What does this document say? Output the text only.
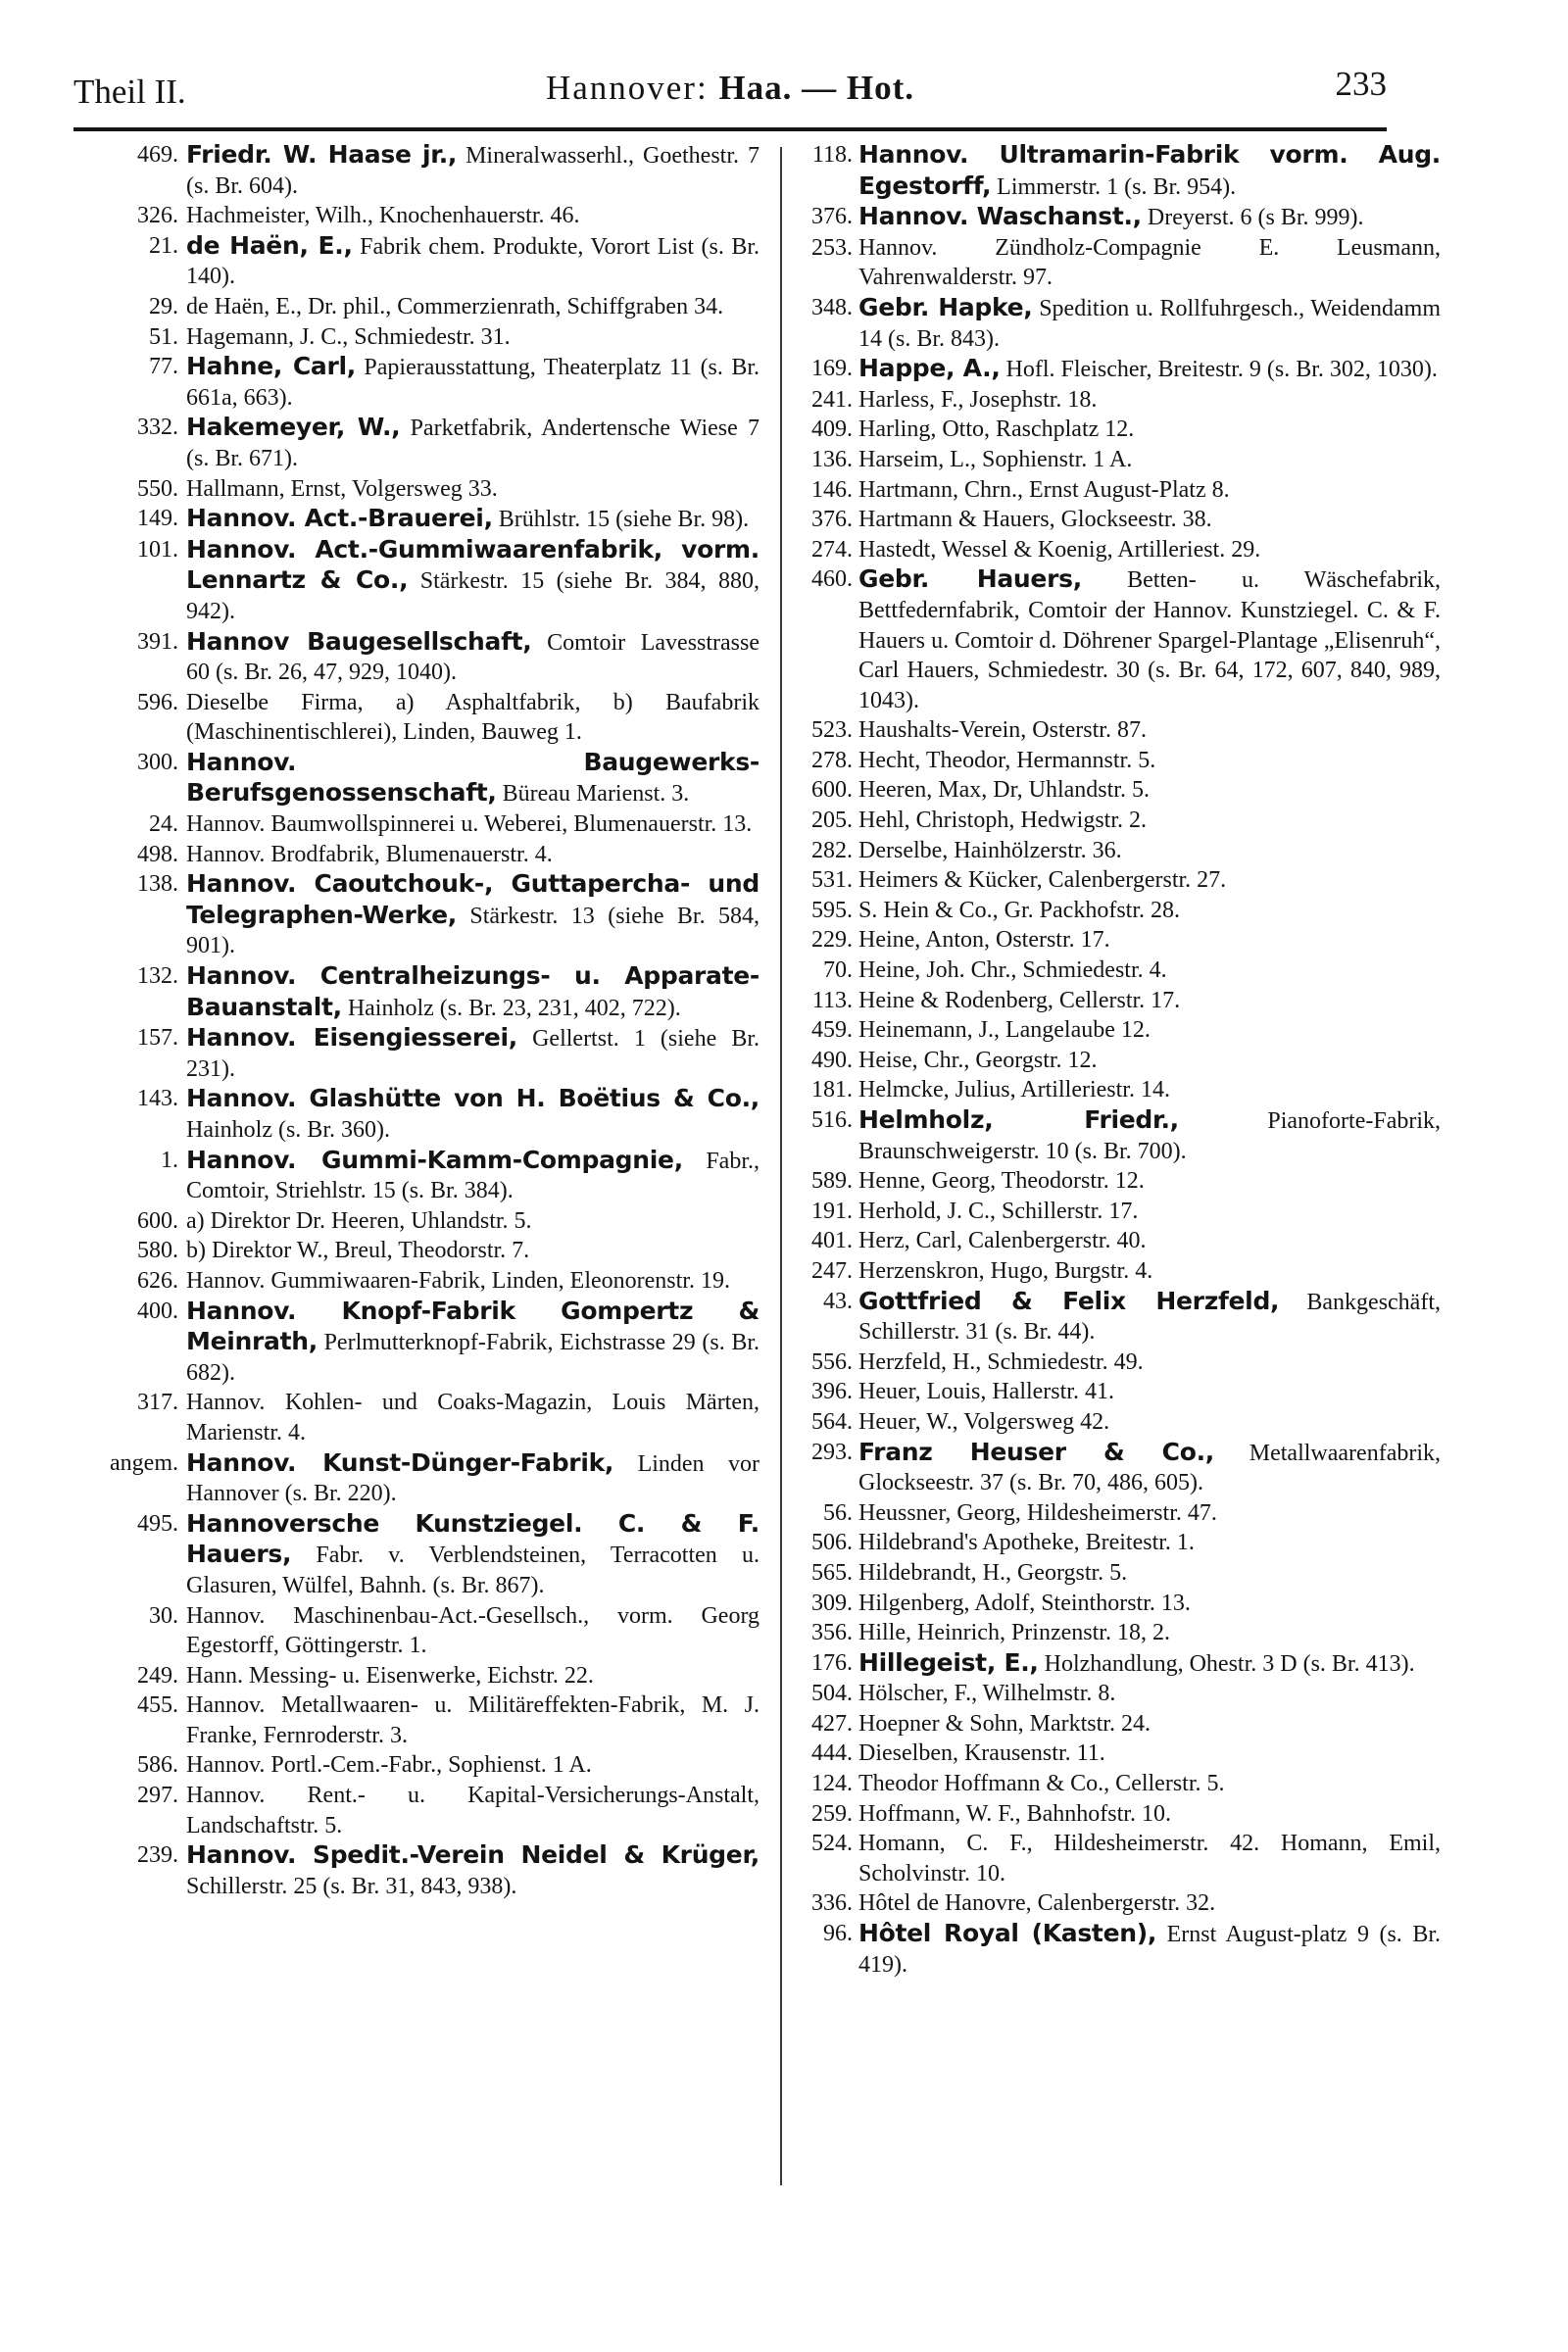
Theil II.	Hannover: Haa. — Hot.	233
469. Friedr. W. Haase jr., Mineralwasserhl., Goethestr. 7 (s. Br. 604).
326. Hachmeister, Wilh., Knochenhauerstr. 46.
21. de Haën, E., Fabrik chem. Produkte, Vorort List (s. Br. 140).
29. de Haën, E., Dr. phil., Commerzienrath, Schiffgraben 34.
51. Hagemann, J. C., Schmiedestr. 31.
77. Hahne, Carl, Papierausstattung, Theaterplatz 11 (s. Br. 661a, 663).
332. Hakemeyer, W., Parketfabrik, Andertensche Wiese 7 (s. Br. 671).
550. Hallmann, Ernst, Volgersweg 33.
149. Hannov. Act.-Brauerei, Brühlstr. 15 (siehe Br. 98).
101. Hannov. Act.-Gummiwaarenfabrik, vorm. Lennartz & Co., Stärkestr. 15 (siehe Br. 384, 880, 942).
391. Hannov Baugesellschaft, Comtoir Lavesstrasse 60 (s. Br. 26, 47, 929, 1040).
596. Dieselbe Firma, a) Asphaltfabrik, b) Baufabrik (Maschinentischlerei), Linden, Bauweg 1.
300. Hannov. Baugewerks-Berufsgenossenschaft, Büreau Marienst. 3.
24. Hannov. Baumwollspinnerei u. Weberei, Blumenauerstr. 13.
498. Hannov. Brodfabrik, Blumenauerstr. 4.
138. Hannov. Caoutchouk-, Guttapercha- und Telegraphen-Werke, Stärkestr. 13 (siehe Br. 584, 901).
132. Hannov. Centralheizungs- u. Apparate-Bauanstalt, Hainholz (s. Br. 23, 231, 402, 722).
157. Hannov. Eisengiesserei, Gellertst. 1 (siehe Br. 231).
143. Hannov. Glashütte von H. Boëtius & Co., Hainholz (s. Br. 360).
1. Hannov. Gummi-Kamm-Compagnie, Fabr., Comtoir, Striehlstr. 15 (s. Br. 384).
600. a) Direktor Dr. Heeren, Uhlandstr. 5.
580. b) Direktor W., Breul, Theodorstr. 7.
626. Hannov. Gummiwaaren-Fabrik, Linden, Eleonorenstr. 19.
400. Hannov. Knopf-Fabrik Gompertz & Meinrath, Perlmutterknopf-Fabrik, Eichstrasse 29 (s. Br. 682).
317. Hannov. Kohlen- und Coaks-Magazin, Louis Märten, Marienstr. 4.
angem. Hannov. Kunst-Dünger-Fabrik, Linden vor Hannover (s. Br. 220).
495. Hannoversche Kunstziegel. C. & F. Hauers, Fabr. v. Verblendsteinen, Terracotten u. Glasuren, Wülfel, Bahnh. (s. Br. 867).
30. Hannov. Maschinenbau-Act.-Gesellsch., vorm. Georg Egestorff, Göttingerstr. 1.
249. Hann. Messing- u. Eisenwerke, Eichstr. 22.
455. Hannov. Metallwaaren- u. Militäreffekten-Fabrik, M. J. Franke, Fernroderstr. 3.
586. Hannov. Portl.-Cem.-Fabr., Sophienst. 1 A.
297. Hannov. Rent.- u. Kapital-Versicherungs-Anstalt, Landschaftstr. 5.
239. Hannov. Spedit.-Verein Neidel & Krüger, Schillerstr. 25 (s. Br. 31, 843, 938).
118. Hannov. Ultramarin-Fabrik vorm. Aug. Egestorff, Limmerstr. 1 (s. Br. 954).
376. Hannov. Waschanst., Dreyerst. 6 (s Br. 999).
253. Hannov. Zündholz-Compagnie E. Leusmann, Vahrenwalderstr. 97.
348. Gebr. Hapke, Spedition u. Rollfuhrgesch., Weidendamm 14 (s. Br. 843).
169. Happe, A., Hofl. Fleischer, Breitestr. 9 (s. Br. 302, 1030).
241. Harless, F., Josephstr. 18.
409. Harling, Otto, Raschplatz 12.
136. Harseim, L., Sophienstr. 1 A.
146. Hartmann, Chrn., Ernst August-Platz 8.
376. Hartmann & Hauers, Glockseestr. 38.
274. Hastedt, Wessel & Koenig, Artilleriest. 29.
460. Gebr. Hauers, Betten- u. Wäschefabrik, Bettfedernfabrik, Comtoir der Hannov. Kunstziegel. C. & F. Hauers u. Comtoir d. Döhrener Spargel-Plantage „Elisenruh“, Carl Hauers, Schmiedestr. 30 (s. Br. 64, 172, 607, 840, 989, 1043).
523. Haushalts-Verein, Osterstr. 87.
278. Hecht, Theodor, Hermannstr. 5.
600. Heeren, Max, Dr, Uhlandstr. 5.
205. Hehl, Christoph, Hedwigstr. 2.
282. Derselbe, Hainhölzerstr. 36.
531. Heimers & Kücker, Calenbergerstr. 27.
595. S. Hein & Co., Gr. Packhofstr. 28.
229. Heine, Anton, Osterstr. 17.
70. Heine, Joh. Chr., Schmiedestr. 4.
113. Heine & Rodenberg, Cellerstr. 17.
459. Heinemann, J., Langelaube 12.
490. Heise, Chr., Georgstr. 12.
181. Helmcke, Julius, Artilleriestr. 14.
516. Helmholz, Friedr.,	Pianoforte-Fabrik, Braunschweigerstr. 10 (s. Br. 700).
589. Henne, Georg, Theodorstr. 12.
191. Herhold, J. C., Schillerstr. 17.
401. Herz, Carl, Calenbergerstr. 40.
247. Herzenskron, Hugo, Burgstr. 4.
43. Gottfried & Felix Herzfeld, Bankgeschäft, Schillerstr. 31 (s. Br. 44).
556. Herzfeld, H., Schmiedestr. 49.
396. Heuer, Louis, Hallerstr. 41.
564. Heuer, W., Volgersweg 42.
293. Franz Heuser & Co., Metallwaarenfabrik, Glockseestr. 37 (s. Br. 70, 486, 605).
56. Heussner, Georg, Hildesheimerstr. 47.
506. Hildebrand's Apotheke, Breitestr. 1.
565. Hildebrandt, H., Georgstr. 5.
309. Hilgenberg, Adolf, Steinthorstr. 13.
356. Hille, Heinrich, Prinzenstr. 18, 2.
176. Hillegeist, E., Holzhandlung, Ohestr. 3 D (s. Br. 413).
504. Hölscher, F., Wilhelmstr. 8.
427. Hoepner & Sohn, Marktstr. 24.
444. Dieselben, Krausenstr. 11.
124. Theodor Hoffmann & Co., Cellerstr. 5.
259. Hoffmann, W. F., Bahnhofstr. 10.
524. Homann, C. F., Hildesheimerstr. 42. Homann, Emil, Scholvinstr. 10.
336. Hôtel de Hanovre, Calenbergerstr. 32.
96. Hôtel Royal (Kasten), Ernst August-platz 9 (s. Br. 419).
